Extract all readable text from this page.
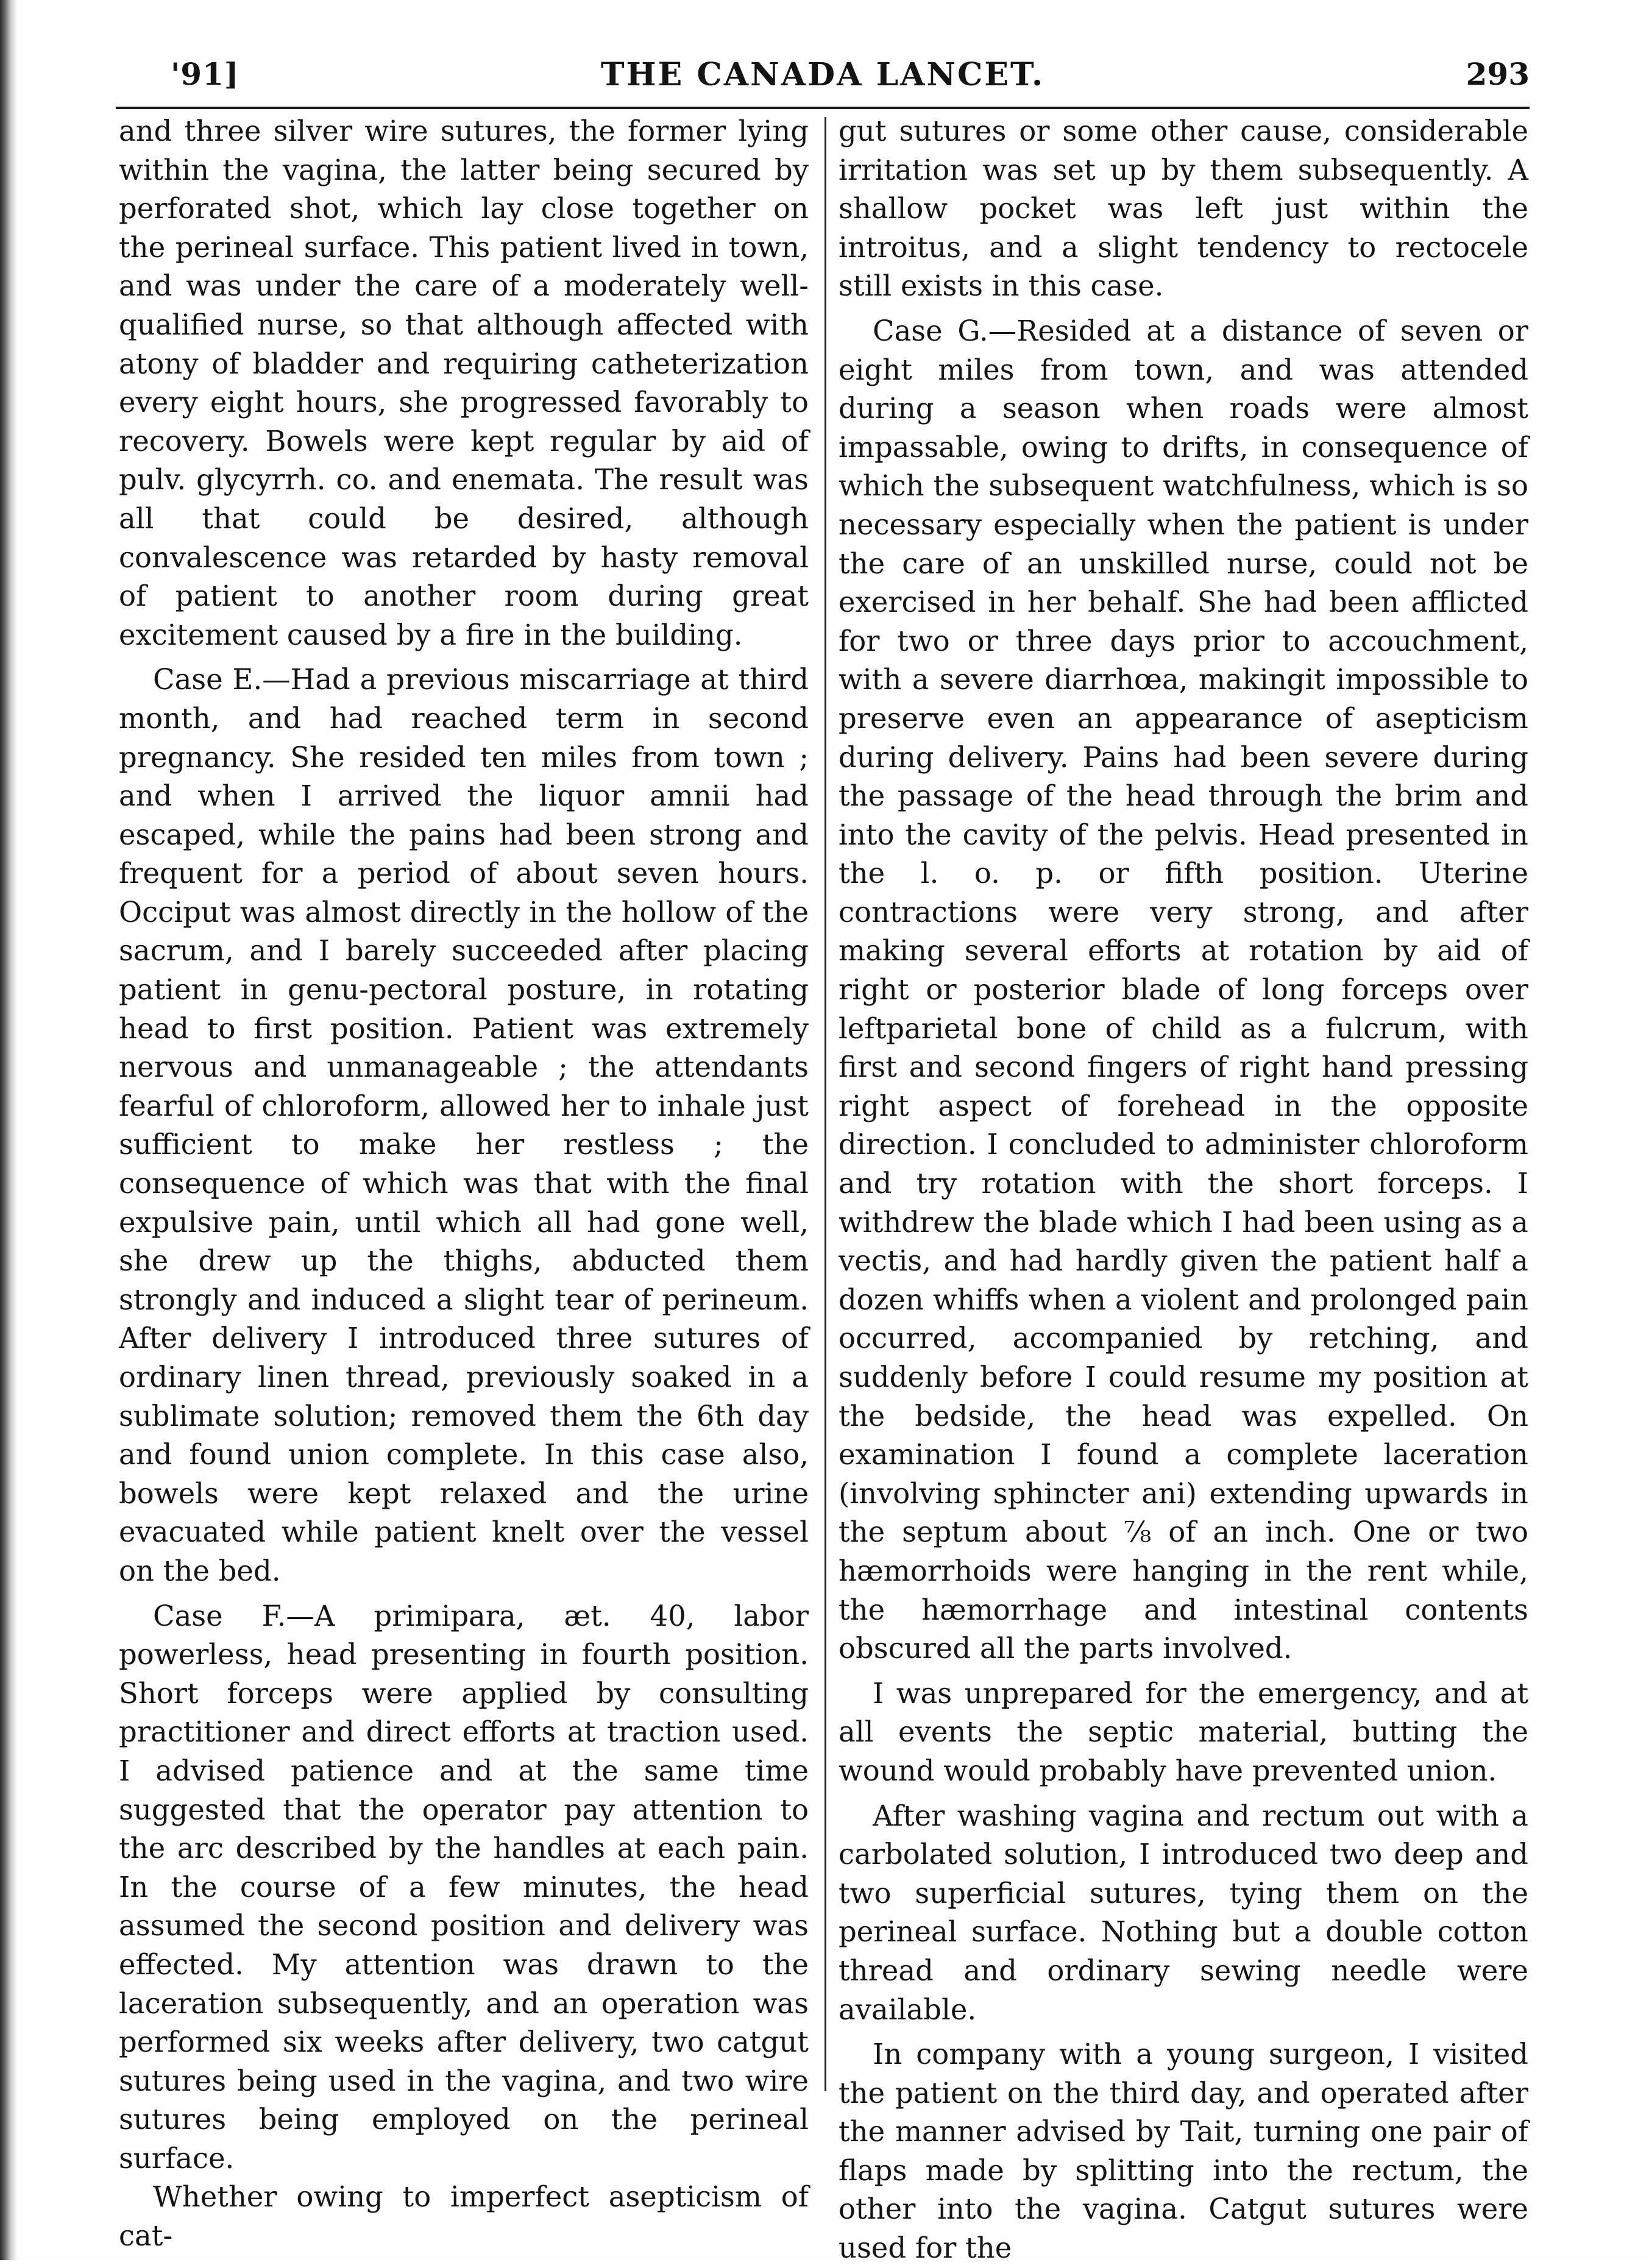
'91]	THE CANADA LANCET.	293

and three silver wire sutures, the former lying within the vagina, the latter being secured by perforated shot, which lay close together on the perineal surface. This patient lived in town, and was under the care of a moderately well-qualified nurse, so that although affected with atony of bladder and requiring catheterization every eight hours, she progressed favorably to recovery. Bowels were kept regular by aid of pulv. glycyrrh. co. and enemata. The result was all that could be desired, although convalescence was retarded by hasty removal of patient to another room during great excitement caused by a fire in the building.

Case E.—Had a previous miscarriage at third month, and had reached term in second pregnancy. She resided ten miles from town ; and when I arrived the liquor amnii had escaped, while the pains had been strong and frequent for a period of about seven hours. Occiput was almost directly in the hollow of the sacrum, and I barely succeeded after placing patient in genu-pectoral posture, in rotating head to first position. Patient was extremely nervous and unmanageable ; the attendants fearful of chloroform, allowed her to inhale just sufficient to make her restless ; the consequence of which was that with the final expulsive pain, until which all had gone well, she drew up the thighs, abducted them strongly and induced a slight tear of perineum. After delivery I introduced three sutures of ordinary linen thread, previously soaked in a sublimate solution; removed them the 6th day and found union complete. In this case also, bowels were kept relaxed and the urine evacuated while patient knelt over the vessel on the bed.

Case F.—A primipara, æt. 40, labor powerless, head presenting in fourth position. Short forceps were applied by consulting practitioner and direct efforts at traction used. I advised patience and at the same time suggested that the operator pay attention to the arc described by the handles at each pain. In the course of a few minutes, the head assumed the second position and delivery was effected. My attention was drawn to the laceration subsequently, and an operation was performed six weeks after delivery, two catgut sutures being used in the vagina, and two wire sutures being employed on the perineal surface.

Whether owing to imperfect asepticism of cat-

gut sutures or some other cause, considerable irritation was set up by them subsequently. A shallow pocket was left just within the introitus, and a slight tendency to rectocele still exists in this case.

Case G.—Resided at a distance of seven or eight miles from town, and was attended during a season when roads were almost impassable, owing to drifts, in consequence of which the subsequent watchfulness, which is so necessary especially when the patient is under the care of an unskilled nurse, could not be exercised in her behalf. She had been afflicted for two or three days prior to accouchment, with a severe diarrhœa, makingit impossible to preserve even an appearance of asepticism during delivery. Pains had been severe during the passage of the head through the brim and into the cavity of the pelvis. Head presented in the l. o. p. or fifth position. Uterine contractions were very strong, and after making several efforts at rotation by aid of right or posterior blade of long forceps over leftparietal bone of child as a fulcrum, with first and second fingers of right hand pressing right aspect of forehead in the opposite direction. I concluded to administer chloroform and try rotation with the short forceps. I withdrew the blade which I had been using as a vectis, and had hardly given the patient half a dozen whiffs when a violent and prolonged pain occurred, accompanied by retching, and suddenly before I could resume my position at the bedside, the head was expelled. On examination I found a complete laceration (involving sphincter ani) extending upwards in the septum about ⅞ of an inch. One or two hæmorrhoids were hanging in the rent while, the hæmorrhage and intestinal contents obscured all the parts involved.

I was unprepared for the emergency, and at all events the septic material, butting the wound would probably have prevented union.

After washing vagina and rectum out with a carbolated solution, I introduced two deep and two superficial sutures, tying them on the perineal surface. Nothing but a double cotton thread and ordinary sewing needle were available.

In company with a young surgeon, I visited the patient on the third day, and operated after the manner advised by Tait, turning one pair of flaps made by splitting into the rectum, the other into the vagina. Catgut sutures were used for the
